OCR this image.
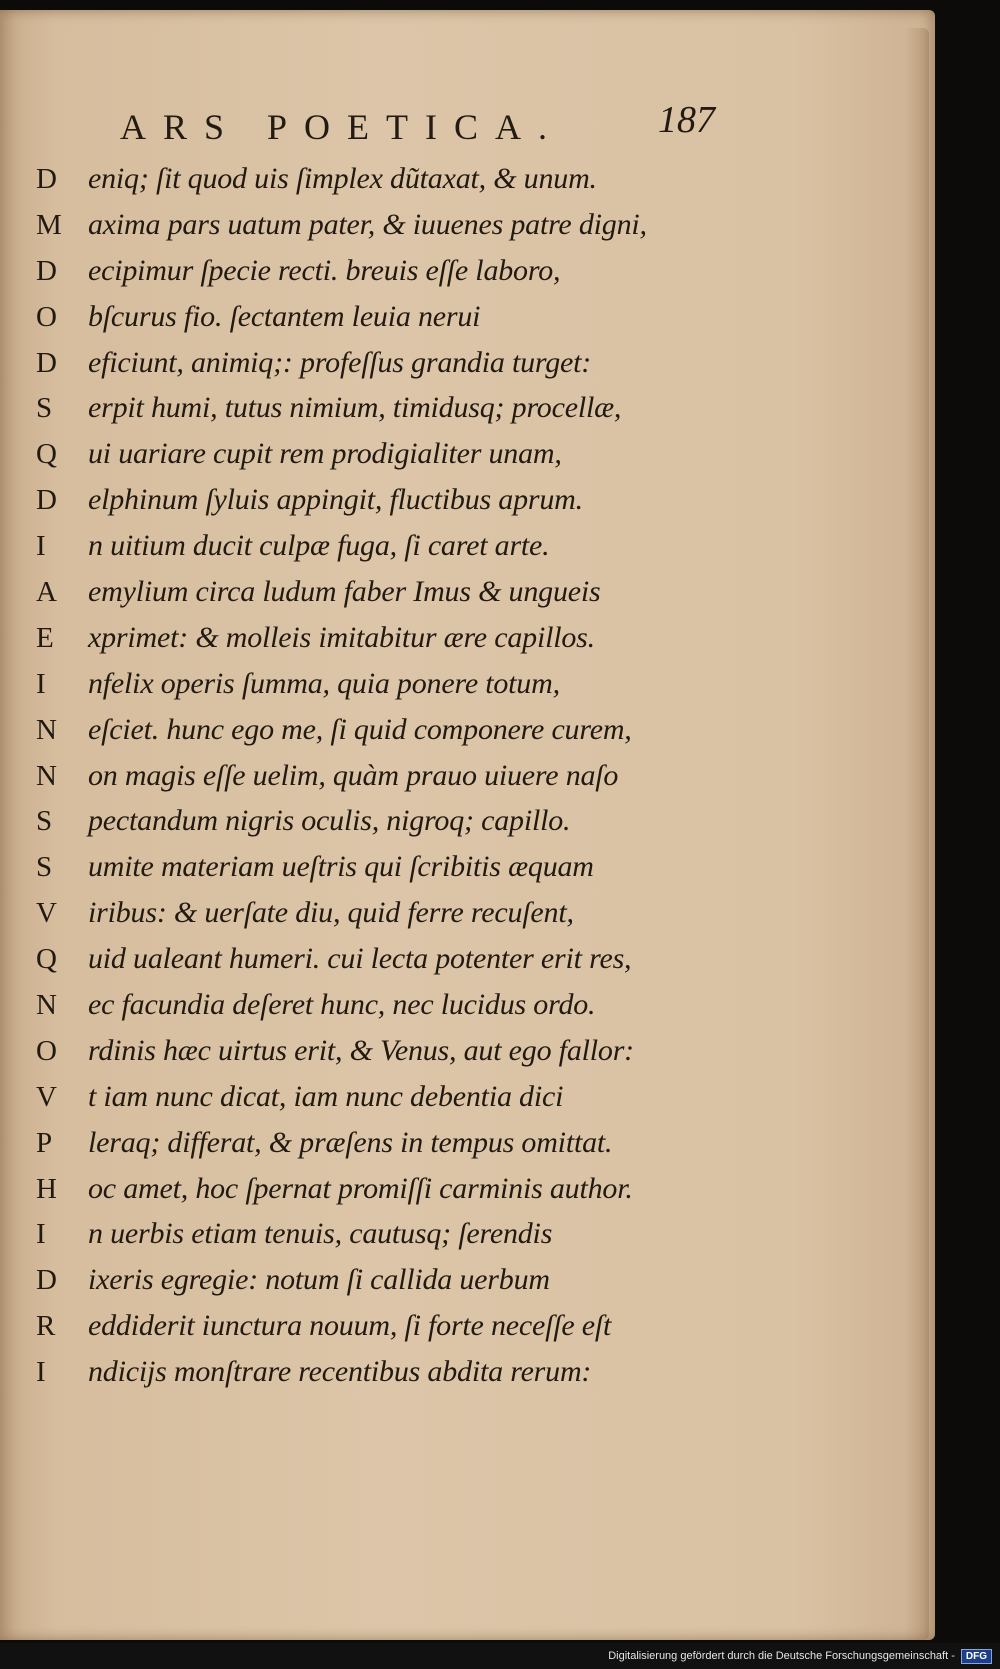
ARS POETICA. 187
D	eniq; ſit quod uis ſimplex dũtaxat, & unum.
M axima pars uatum pater, & iuuenes patre digni,
D	ecipimur ſpecie recti. breuis eſſe laboro,
O	bſcurus fio. ſectantem leuia nerui
D	eficiunt, animiq;: profeſſus grandia turget:
S	erpit humi, tutus nimium, timidusq; procellæ,
Q	ui uariare cupit rem prodigialiter unam,
D	elphinum ſyluis appingit, fluctibus aprum.
I	n uitium ducit culpæ fuga, ſi caret arte.
A	emylium circa ludum faber Imus & ungueis
E	xprimet: & molleis imitabitur ære capillos.
I	nfelix operis ſumma, quia ponere totum,
N	eſciet. hunc ego me, ſi quid componere curem,
N	on magis eſſe uelim, quàm prauo uiuere naſo
S	pectandum nigris oculis, nigroq; capillo.
S	umite materiam ueſtris qui ſcribitis æquam
V	iribus: & uerſate diu, quid ferre recuſent,
Q	uid ualeant humeri. cui lecta potenter erit res,
N	ec facundia deſeret hunc, nec lucidus ordo.
O	rdinis hæc uirtus erit, & Venus, aut ego fallor:
V	t iam nunc dicat, iam nunc debentia dici
P	leraq; differat, & præſens in tempus omittat.
H	oc amet, hoc ſpernat promiſſi carminis author.
I	n uerbis etiam tenuis, cautusq; ſerendis
D	ixeris egregie: notum ſi callida uerbum
R	eddiderit iunctura nouum, ſi forte neceſſe eſt
I	ndicijs monſtrare recentibus abdita rerum:
Digitalisierung gefördert durch die Deutsche Forschungsgemeinschaft -	DFG
